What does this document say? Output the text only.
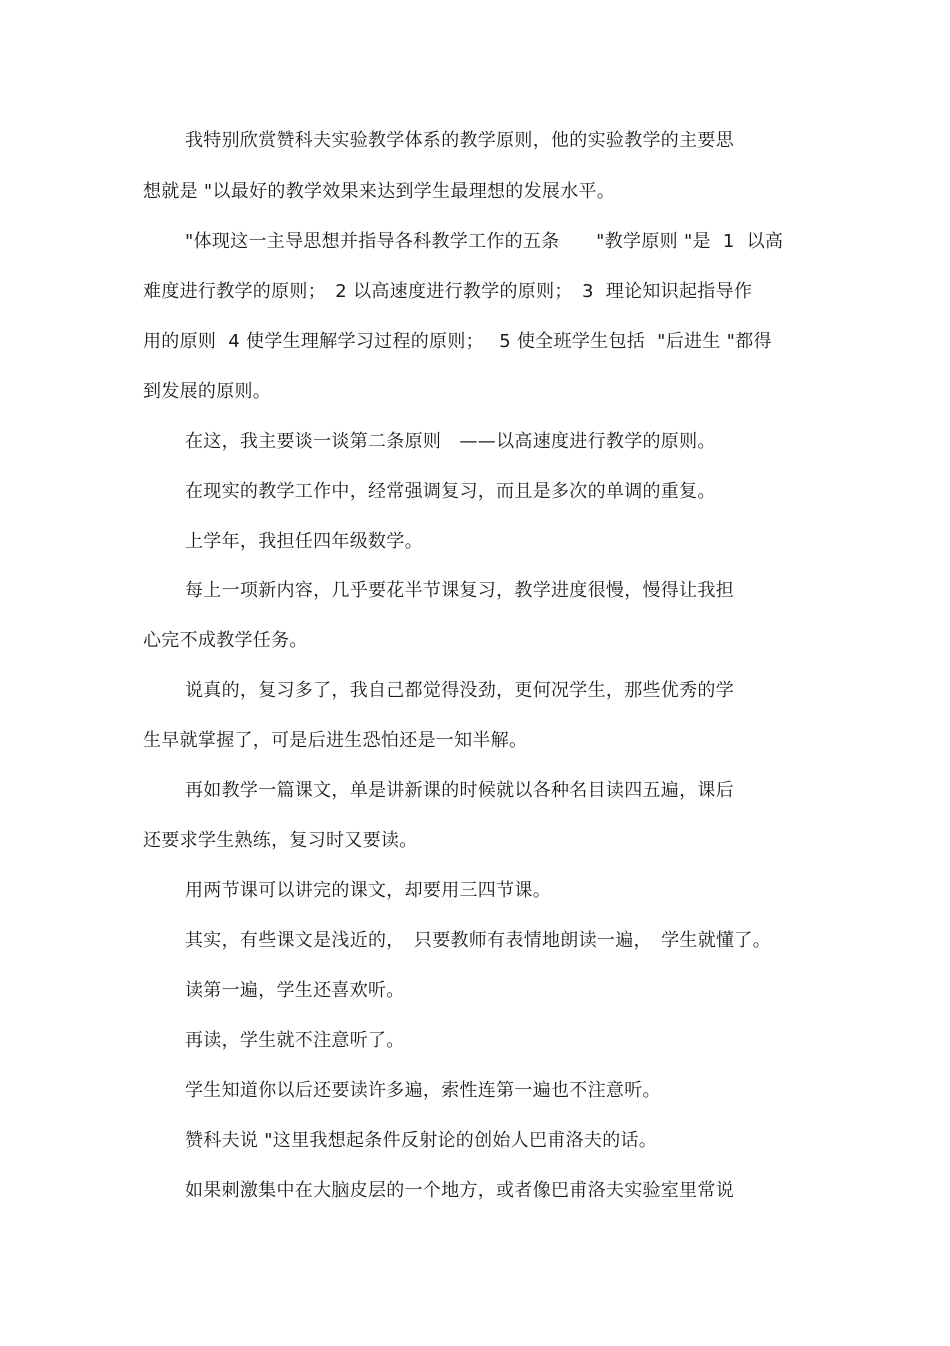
我特别欣赏赞科夫实验教学体系的教学原则，他的实验教学的主要思
想就是 "以最好的教学效果来达到学生最理想的发展水平。
"体现这一主导思想并指导各科教学工作的五条　　"教学原则 "是  1  以高
难度进行教学的原则；　2 以高速度进行教学的原则；　3  理论知识起指导作
用的原则  4 使学生理解学习过程的原则；　 5 使全班学生包括  "后进生 "都得
到发展的原则。
在这，我主要谈一谈第二条原则　——以高速度进行教学的原则。
在现实的教学工作中，经常强调复习，而且是多次的单调的重复。
上学年，我担任四年级数学。
每上一项新内容，几乎要花半节课复习，教学进度很慢，慢得让我担
心完不成教学任务。
说真的，复习多了，我自己都觉得没劲，更何况学生，那些优秀的学
生早就掌握了，可是后进生恐怕还是一知半解。
再如教学一篇课文，单是讲新课的时候就以各种名目读四五遍，课后
还要求学生熟练，复习时又要读。
用两节课可以讲完的课文，却要用三四节课。
其实，有些课文是浅近的，　只要教师有表情地朗读一遍，　学生就懂了。
读第一遍，学生还喜欢听。
再读，学生就不注意听了。
学生知道你以后还要读许多遍，索性连第一遍也不注意听。
赞科夫说 "这里我想起条件反射论的创始人巴甫洛夫的话。
如果刺激集中在大脑皮层的一个地方，或者像巴甫洛夫实验室里常说
